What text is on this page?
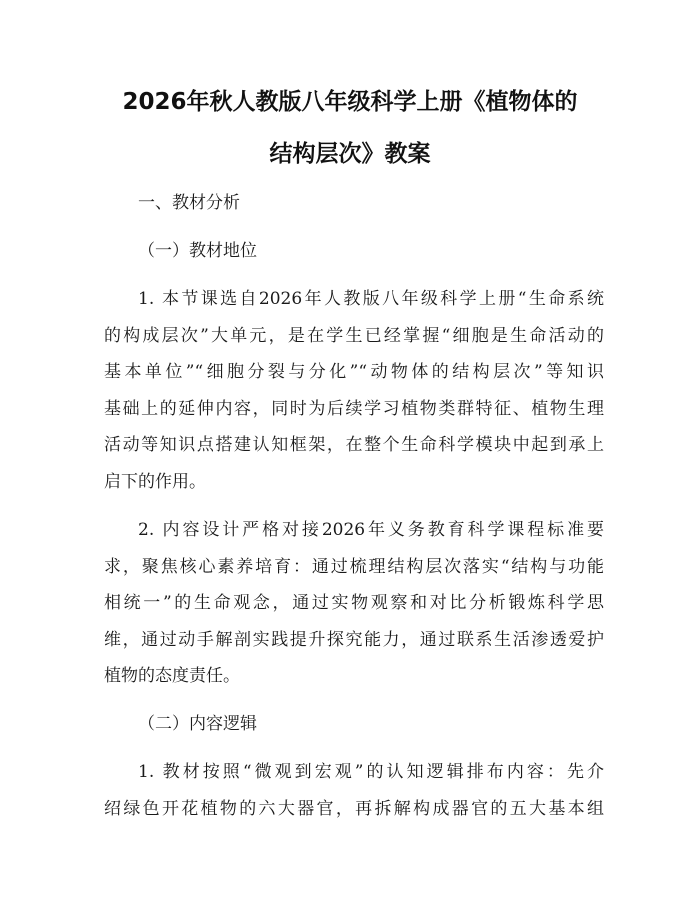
2026年秋人教版八年级科学上册《植物体的
结构层次》教案
一、教材分析
（一）教材地位
1. 本节课选自2026年人教版八年级科学上册“生命系统
的构成层次”大单元，是在学生已经掌握“细胞是生命活动的
基本单位”“细胞分裂与分化”“动物体的结构层次”等知识
基础上的延伸内容，同时为后续学习植物类群特征、植物生理
活动等知识点搭建认知框架，在整个生命科学模块中起到承上
启下的作用。
2. 内容设计严格对接2026年义务教育科学课程标准要
求，聚焦核心素养培育：通过梳理结构层次落实“结构与功能
相统一”的生命观念，通过实物观察和对比分析锻炼科学思
维，通过动手解剖实践提升探究能力，通过联系生活渗透爱护
植物的态度责任。
（二）内容逻辑
1. 教材按照“微观到宏观”的认知逻辑排布内容：先介
绍绿色开花植物的六大器官，再拆解构成器官的五大基本组
